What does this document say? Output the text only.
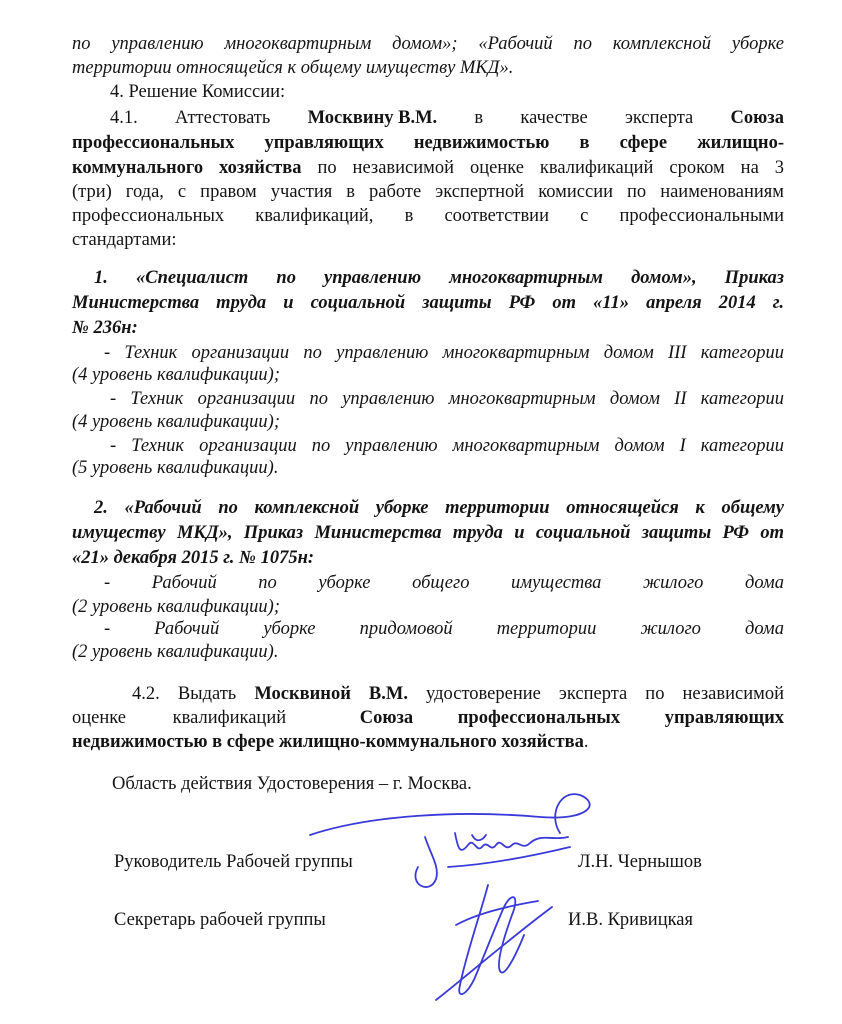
по управлению многоквартирным домом»; «Рабочий по комплексной уборке
территории относящейся к общему имуществу МКД».
4. Решение Комиссии:
4.1. Аттестовать Москвину В.М. в качестве эксперта Союза
профессиональных управляющих недвижимостью в сфере жилищно-
коммунального хозяйства по независимой оценке квалификаций сроком на 3
(три) года, с правом участия в работе экспертной комиссии по наименованиям
профессиональных квалификаций, в соответствии с профессиональными
стандартами:
1. «Специалист по управлению многоквартирным домом», Приказ
Министерства труда и социальной защиты РФ от «11» апреля 2014 г.
№ 236н:
- Техник организации по управлению многоквартирным домом III категории
(4 уровень квалификации);
- Техник организации по управлению многоквартирным домом II категории
(4 уровень квалификации);
- Техник организации по управлению многоквартирным домом I категории
(5 уровень квалификации).
2. «Рабочий по комплексной уборке территории относящейся к общему
имуществу МКД», Приказ Министерства труда и социальной защиты РФ от
«21» декабря 2015 г. № 1075н:
- Рабочий по уборке общего имущества жилого дома
(2 уровень квалификации);
- Рабочий уборке придомовой территории жилого дома
(2 уровень квалификации).
4.2. Выдать Москвиной В.М. удостоверение эксперта по независимой
оценке квалификаций	Союза профессиональных управляющих
недвижимостью в сфере жилищно-коммунального хозяйства.
Область действия Удостоверения – г. Москва.
Руководитель Рабочей группы	Л.Н. Чернышов
Секретарь рабочей группы	И.В. Кривицкая
